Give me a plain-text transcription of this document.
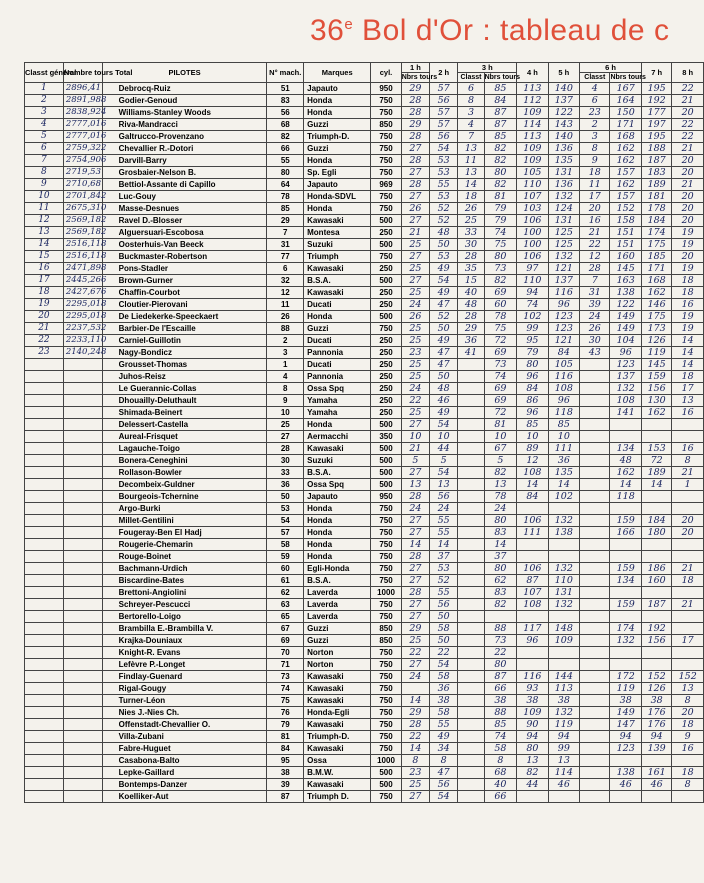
36e Bol d'Or : tableau de c
Classt général	Nombre tours Total	PILOTES	N° mach.	Marques	cyl.	1 h	2 h	3 h		4 h	5 h	6 h		7 h	8 h
						Nbrs tours		Classt	Nbrs tours			Classt	Nbrs tours		
1	2896,41	Debrocq-Ruiz	51	Japauto	950	29	57	6	85	113	140	4	167	195	22
2	2891,988	Godier-Genoud	83	Honda	750	28	56	8	84	112	137	6	164	192	21
3	2838,924	Williams-Stanley Woods	56	Honda	750	28	57	3	87	109	122	23	150	177	20
4	2777,016	Riva-Mandracci	68	Guzzi	850	29	57	4	87	114	143	2	171	197	22
5	2777,016	Galtrucco-Provenzano	82	Triumph-D.	750	28	56	7	85	113	140	3	168	195	22
6	2759,322	Chevallier R.-Dotori	66	Guzzi	750	27	54	13	82	109	136	8	162	188	21
7	2754,906	Darvill-Barry	55	Honda	750	28	53	11	82	109	135	9	162	187	20
8	2719,53	Grosbaier-Nelson B.	80	Sp. Egli	750	27	53	13	80	105	131	18	157	183	20
9	2710,68	Bettiol-Assante di Capillo	64	Japauto	969	28	55	14	82	110	136	11	162	189	21
10	2701,842	Luc-Gouy	78	Honda-SDVL	750	27	53	18	81	107	132	17	157	181	20
11	2675,310	Masse-Desnues	85	Honda	750	26	52	26	79	103	124	20	152	178	20
12	2569,182	Ravel D.-Blosser	29	Kawasaki	500	27	52	25	79	106	131	16	158	184	20
13	2569,182	Alguersuari-Escobosa	7	Montesa	250	21	48	33	74	100	125	21	151	174	19
14	2516,118	Oosterhuis-Van Beeck	31	Suzuki	500	25	50	30	75	100	125	22	151	175	19
15	2516,118	Buckmaster-Robertson	77	Triumph	750	27	53	28	80	106	132	12	160	185	20
16	2471,898	Pons-Stadler	6	Kawasaki	250	25	49	35	73	97	121	28	145	171	19
17	2445,266	Brown-Gurner	32	B.S.A.	500	27	54	15	82	110	137	7	163	168	18
18	2427,676	Chaffin-Courbot	12	Kawasaki	250	25	49	40	69	94	116	31	138	162	18
19	2295,018	Cloutier-Pierovani	11	Ducati	250	24	47	48	60	74	96	39	122	146	16
20	2295,018	De Liedekerke-Speeckaert	26	Honda	500	26	52	28	78	102	123	24	149	175	19
21	2237,532	Barbier-De l'Escaille	88	Guzzi	750	25	50	29	75	99	123	26	149	173	19
22	2233,110	Carniel-Guillotin	2	Ducati	250	25	49	36	72	95	121	30	104	126	14
23	2140,248	Nagy-Bondicz	3	Pannonia	250	23	47	41	69	79	84	43	96	119	14
		Grousset-Thomas	1	Ducati	250	25	47		73	80	105		123	145	14
		Juhos-Reisz	4	Pannonia	250	25	50		74	96	116		137	159	18
		Le Guerannic-Collas	8	Ossa Spq	250	24	48		69	84	108		132	156	17
		Dhouailly-Deluthault	9	Yamaha	250	22	46		69	86	96		108	130	13
		Shimada-Beinert	10	Yamaha	250	25	49		72	96	118		141	162	16
		Delessert-Castella	25	Honda	500	27	54		81	85	85				
		Aureal-Frisquet	27	Aermacchi	350	10	10		10	10	10				
		Lagauche-Toigo	28	Kawasaki	500	21	44		67	89	111		134	153	16
		Bonera-Ceneghini	30	Suzuki	500	5	5		5	12	36		48	72	8
		Rollason-Bowler	33	B.S.A.	500	27	54		82	108	135		162	189	21
		Decombeix-Guldner	36	Ossa Spq	500	13	13		13	14	14		14	14	1
		Bourgeois-Tchernine	50	Japauto	950	28	56		78	84	102		118		
		Argo-Burki	53	Honda	750	24	24		24						
		Millet-Gentilini	54	Honda	750	27	55		80	106	132		159	184	20
		Fougeray-Ben El Hadj	57	Honda	750	27	55		83	111	138		166	180	20
		Rougerie-Chemarin	58	Honda	750	14	14		14						
		Rouge-Boinet	59	Honda	750	28	37		37						
		Bachmann-Urdich	60	Egli-Honda	750	27	53		80	106	132		159	186	21
		Biscardine-Bates	61	B.S.A.	750	27	52		62	87	110		134	160	18
		Brettoni-Angiolini	62	Laverda	1000	28	55		83	107	131				
		Schreyer-Pescucci	63	Laverda	750	27	56		82	108	132		159	187	21
		Bertorello-Loigo	65	Laverda	750	27	50								
		Brambilla E.-Brambilla V.	67	Guzzi	850	29	58		88	117	148		174	192	
		Krajka-Douniaux	69	Guzzi	850	25	50		73	96	109		132	156	17
		Knight-R. Evans	70	Norton	750	22	22		22						
		Lefèvre P.-Longet	71	Norton	750	27	54		80						
		Findlay-Guenard	73	Kawasaki	750	24	58		87	116	144		172	152	152
		Rigal-Gougy	74	Kawasaki	750		36		66	93	113		119	126	13
		Turner-Léon	75	Kawasaki	750	14	38		38	38	38		38	38	8
		Nies J.-Nies Ch.	76	Honda-Egli	750	29	58		88	109	132		149	176	20
		Offenstadt-Chevallier O.	79	Kawasaki	750	28	55		85	90	119		147	176	18
		Villa-Zubani	81	Triumph-D.	750	22	49		74	94	94		94	94	9
		Fabre-Huguet	84	Kawasaki	750	14	34		58	80	99		123	139	16
		Casabona-Balto	95	Ossa	1000	8	8		8	13	13				
		Lepke-Gaillard	38	B.M.W.	500	23	47		68	82	114		138	161	18
		Bontemps-Danzer	39	Kawasaki	500	25	56		40	44	46		46	46	8
		Koelliker-Aut	87	Triumph D.	750	27	54		66						
